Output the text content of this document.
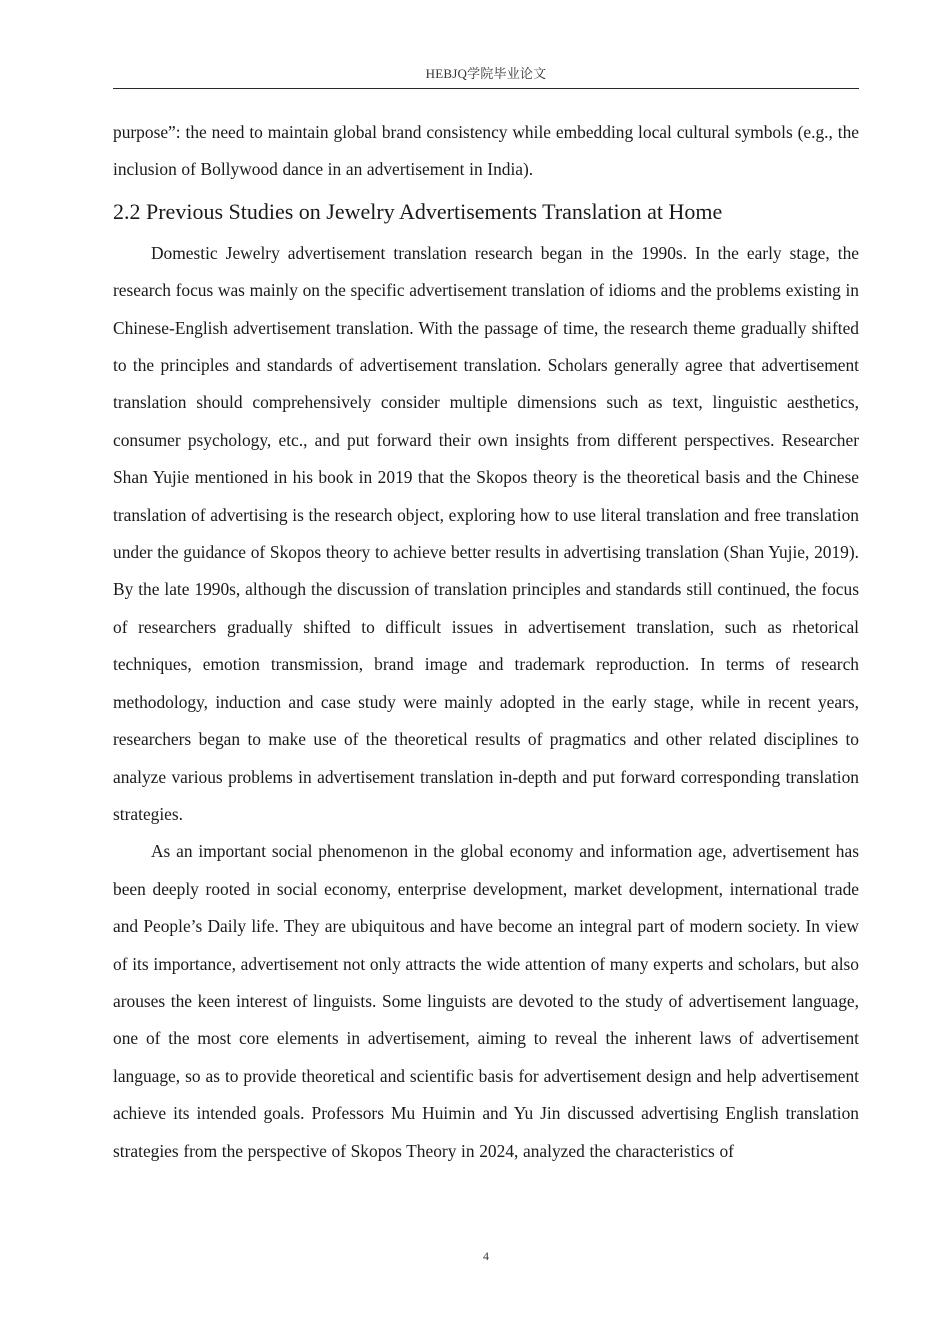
HEBJQ学院毕业论文

purpose”: the need to maintain global brand consistency while embedding local cultural symbols (e.g., the inclusion of Bollywood dance in an advertisement in India).

2.2 Previous Studies on Jewelry Advertisements Translation at Home

Domestic Jewelry advertisement translation research began in the 1990s. In the early stage, the research focus was mainly on the specific advertisement translation of idioms and the problems existing in Chinese-English advertisement translation. With the passage of time, the research theme gradually shifted to the principles and standards of advertisement translation. Scholars generally agree that advertisement translation should comprehensively consider multiple dimensions such as text, linguistic aesthetics, consumer psychology, etc., and put forward their own insights from different perspectives. Researcher Shan Yujie mentioned in his book in 2019 that the Skopos theory is the theoretical basis and the Chinese translation of advertising is the research object, exploring how to use literal translation and free translation under the guidance of Skopos theory to achieve better results in advertising translation (Shan Yujie, 2019). By the late 1990s, although the discussion of translation principles and standards still continued, the focus of researchers gradually shifted to difficult issues in advertisement translation, such as rhetorical techniques, emotion transmission, brand image and trademark reproduction. In terms of research methodology, induction and case study were mainly adopted in the early stage, while in recent years, researchers began to make use of the theoretical results of pragmatics and other related disciplines to analyze various problems in advertisement translation in-depth and put forward corresponding translation strategies.

As an important social phenomenon in the global economy and information age, advertisement has been deeply rooted in social economy, enterprise development, market development, international trade and People’s Daily life. They are ubiquitous and have become an integral part of modern society. In view of its importance, advertisement not only attracts the wide attention of many experts and scholars, but also arouses the keen interest of linguists. Some linguists are devoted to the study of advertisement language, one of the most core elements in advertisement, aiming to reveal the inherent laws of advertisement language, so as to provide theoretical and scientific basis for advertisement design and help advertisement achieve its intended goals. Professors Mu Huimin and Yu Jin discussed advertising English translation strategies from the perspective of Skopos Theory in 2024, analyzed the characteristics of

4
